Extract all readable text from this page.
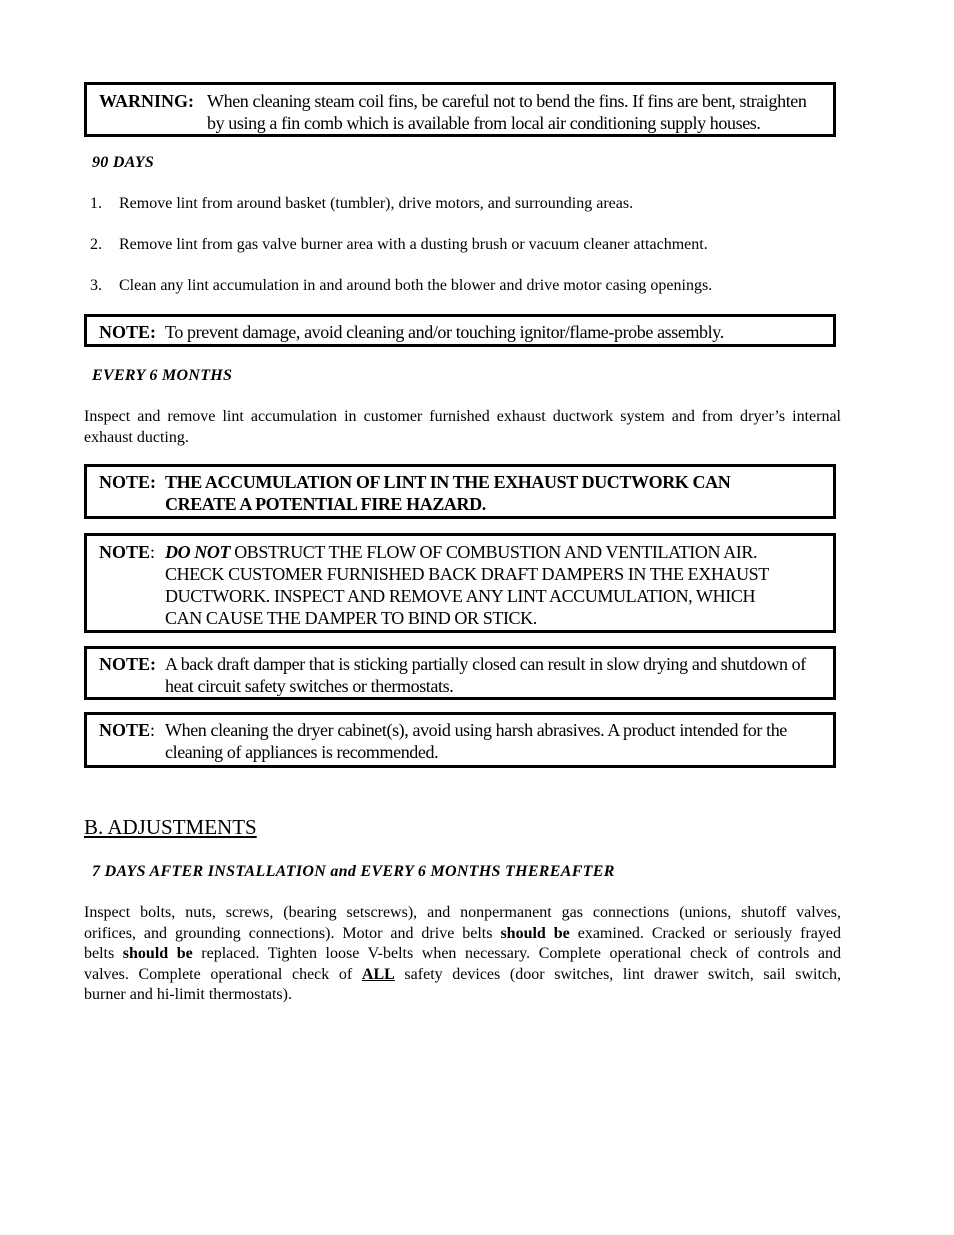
WARNING: When cleaning steam coil fins, be careful not to bend the fins. If fins are bent, straighten
by using a fin comb which is available from local air conditioning supply houses.
90 DAYS
1. Remove lint from around basket (tumbler), drive motors, and surrounding areas.
2. Remove lint from gas valve burner area with a dusting brush or vacuum cleaner attachment.
3. Clean any lint accumulation in and around both the blower and drive motor casing openings.
NOTE: To prevent damage, avoid cleaning and/or touching ignitor/flame-probe assembly.
EVERY 6 MONTHS
Inspect and remove lint accumulation in customer furnished exhaust ductwork system and from dryer’s internal
exhaust ducting.
NOTE: THE ACCUMULATION OF LINT IN THE EXHAUST DUCTWORK CAN
CREATE A POTENTIAL FIRE HAZARD.
NOTE: DO NOT OBSTRUCT THE FLOW OF COMBUSTION AND VENTILATION AIR.
CHECK CUSTOMER FURNISHED BACK DRAFT DAMPERS IN THE EXHAUST
DUCTWORK. INSPECT AND REMOVE ANY LINT ACCUMULATION, WHICH
CAN CAUSE THE DAMPER TO BIND OR STICK.
NOTE: A back draft damper that is sticking partially closed can result in slow drying and shutdown of
heat circuit safety switches or thermostats.
NOTE: When cleaning the dryer cabinet(s), avoid using harsh abrasives. A product intended for the
cleaning of appliances is recommended.
B. ADJUSTMENTS
7 DAYS AFTER INSTALLATION and EVERY 6 MONTHS THEREAFTER
Inspect bolts, nuts, screws, (bearing setscrews), and nonpermanent gas connections (unions, shutoff valves,
orifices, and grounding connections). Motor and drive belts should be examined. Cracked or seriously frayed
belts should be replaced. Tighten loose V-belts when necessary. Complete operational check of controls and
valves. Complete operational check of ALL safety devices (door switches, lint drawer switch, sail switch,
burner and hi-limit thermostats).
